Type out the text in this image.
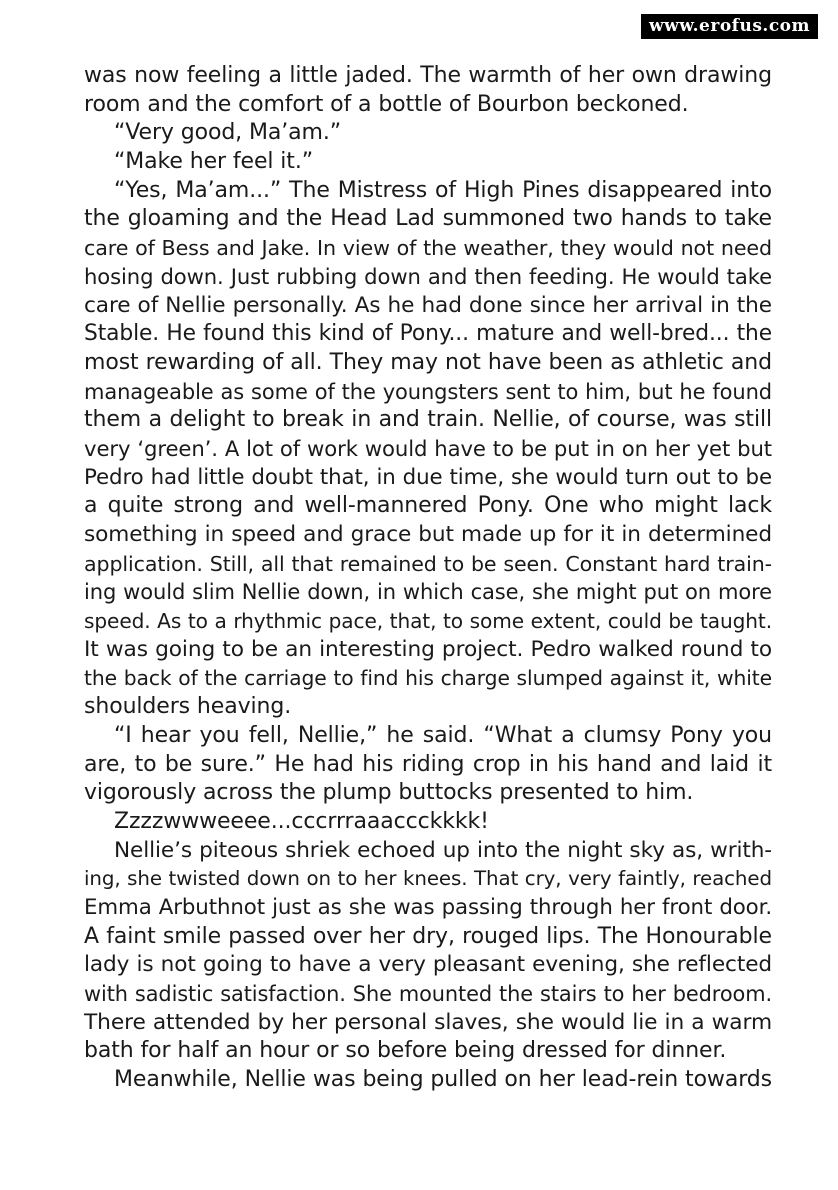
www.erofus.com
was now feeling a little jaded. The warmth of her own drawing
room and the comfort of a bottle of Bourbon beckoned.
“Very good, Ma’am.”
“Make her feel it.”
“Yes, Ma’am...” The Mistress of High Pines disappeared into
the gloaming and the Head Lad summoned two hands to take
care of Bess and Jake. In view of the weather, they would not need
hosing down. Just rubbing down and then feeding. He would take
care of Nellie personally. As he had done since her arrival in the
Stable. He found this kind of Pony... mature and well-bred... the
most rewarding of all. They may not have been as athletic and
manageable as some of the youngsters sent to him, but he found
them a delight to break in and train. Nellie, of course, was still
very ‘green’. A lot of work would have to be put in on her yet but
Pedro had little doubt that, in due time, she would turn out to be
a quite strong and well-mannered Pony. One who might lack
something in speed and grace but made up for it in determined
application. Still, all that remained to be seen. Constant hard train-
ing would slim Nellie down, in which case, she might put on more
speed. As to a rhythmic pace, that, to some extent, could be taught.
It was going to be an interesting project. Pedro walked round to
the back of the carriage to find his charge slumped against it, white
shoulders heaving.
“I hear you fell, Nellie,” he said. “What a clumsy Pony you
are, to be sure.” He had his riding crop in his hand and laid it
vigorously across the plump buttocks presented to him.
Zzzzwwweeee...cccrrraaaccckkkk!
Nellie’s piteous shriek echoed up into the night sky as, writh-
ing, she twisted down on to her knees. That cry, very faintly, reached
Emma Arbuthnot just as she was passing through her front door.
A faint smile passed over her dry, rouged lips. The Honourable
lady is not going to have a very pleasant evening, she reflected
with sadistic satisfaction. She mounted the stairs to her bedroom.
There attended by her personal slaves, she would lie in a warm
bath for half an hour or so before being dressed for dinner.
Meanwhile, Nellie was being pulled on her lead-rein towards
